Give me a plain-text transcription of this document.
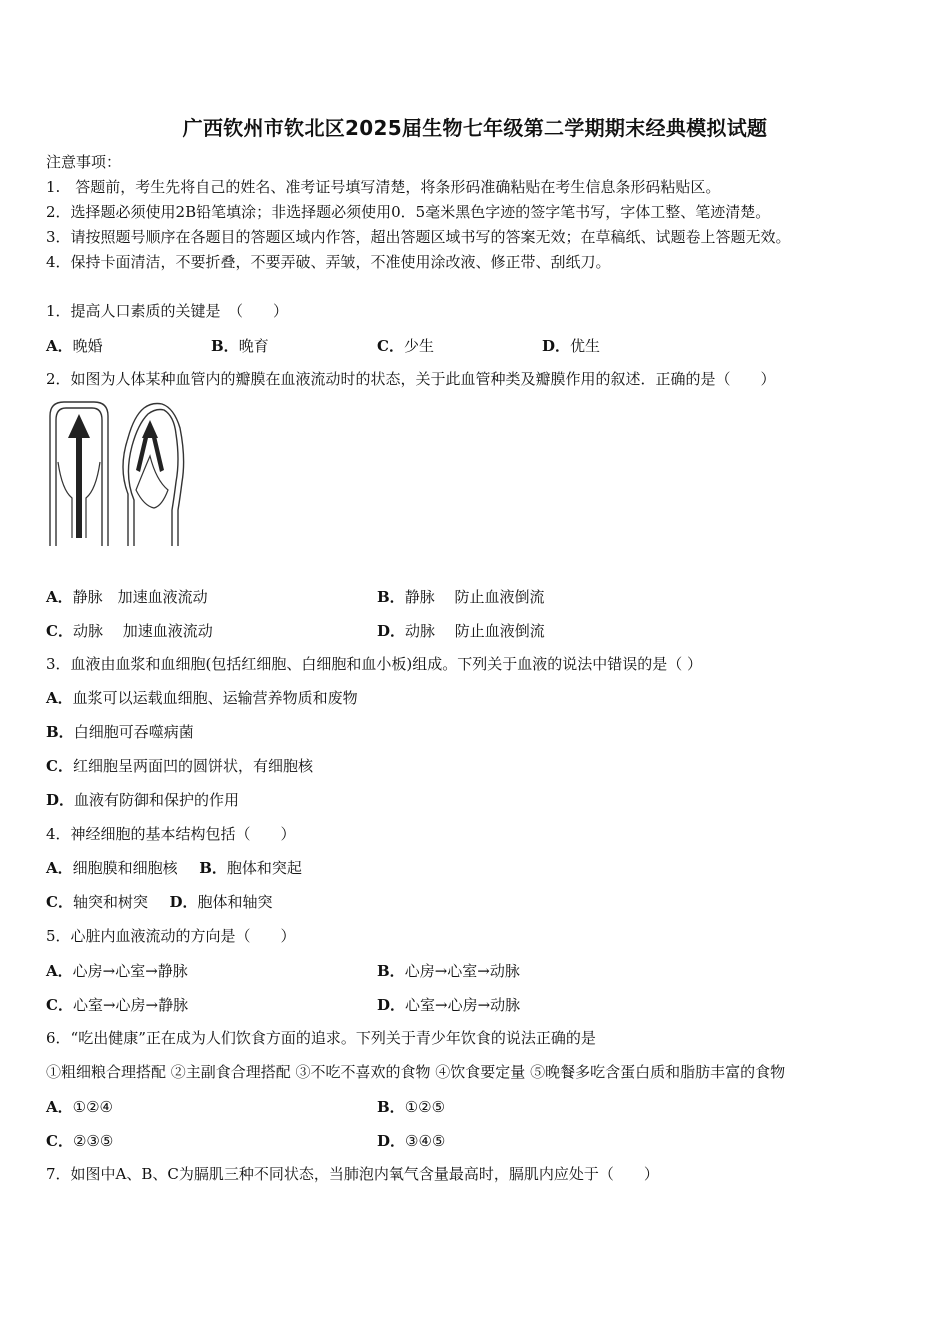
广西钦州市钦北区2025届生物七年级第二学期期末经典模拟试题
注意事项：
1.　答题前，考生先将自己的姓名、准考证号填写清楚，将条形码准确粘贴在考生信息条形码粘贴区。
2．选择题必须使用2B铅笔填涂；非选择题必须使用0．5毫米黑色字迹的签字笔书写，字体工整、笔迹清楚。
3．请按照题号顺序在各题目的答题区域内作答，超出答题区域书写的答案无效；在草稿纸、试题卷上答题无效。
4．保持卡面清洁，不要折叠，不要弄破、弄皱，不准使用涂改液、修正带、刮纸刀。
1．提高人口素质的关键是　（　　）
A．晚婚	B．晚育	C．少生	D．优生
2．如图为人体某种血管内的瓣膜在血液流动时的状态，关于此血管种类及瓣膜作用的叙述．正确的是（　　）
A．静脉　加速血液流动	B．静脉　 防止血液倒流
C．动脉　 加速血液流动	D．动脉　 防止血液倒流
3．血液由血浆和血细胞(包括红细胞、白细胞和血小板)组成。下列关于血液的说法中错误的是（ ）
A．血浆可以运载血细胞、运输营养物质和废物
B．白细胞可吞噬病菌
C．红细胞呈两面凹的圆饼状，有细胞核
D．血液有防御和保护的作用
4．神经细胞的基本结构包括（　　）
A．细胞膜和细胞核 B．胞体和突起
C．轴突和树突 D．胞体和轴突
5．心脏内血液流动的方向是（　　）
A．心房→心室→静脉	B．心房→心室→动脉
C．心室→心房→静脉	D．心室→心房→动脉
6．“吃出健康”正在成为人们饮食方面的追求。下列关于青少年饮食的说法正确的是
①粗细粮合理搭配 ②主副食合理搭配 ③不吃不喜欢的食物 ④饮食要定量 ⑤晚餐多吃含蛋白质和脂肪丰富的食物
A．①②④	B．①②⑤
C．②③⑤	D．③④⑤
7．如图中A、B、C为膈肌三种不同状态，当肺泡内氧气含量最高时，膈肌内应处于（　　）
